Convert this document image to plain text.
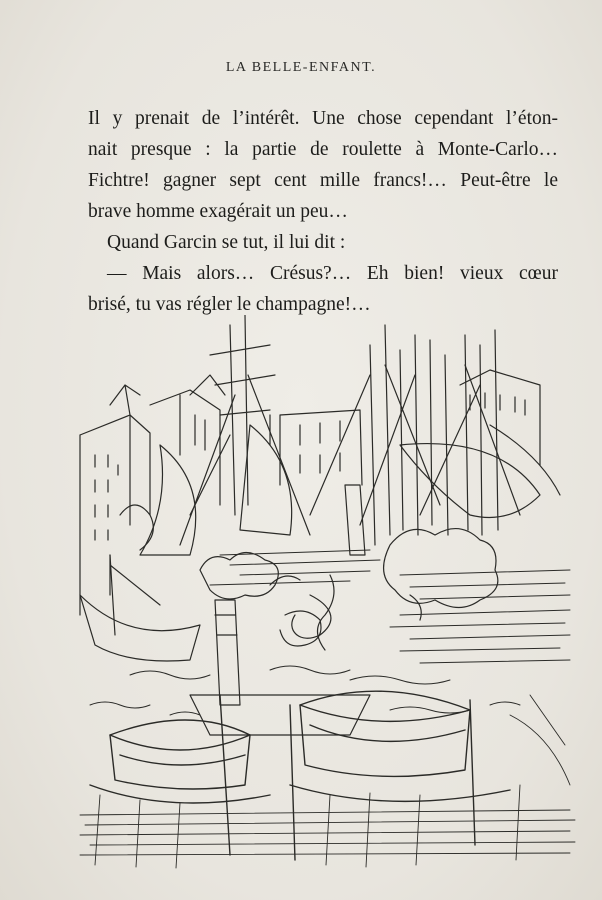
LA BELLE-ENFANT.
Il y prenait de l’intérêt. Une chose cependant l’éton-
nait presque : la partie de roulette à Monte-Carlo…
Fichtre! gagner sept cent mille francs!… Peut-être le
brave homme exagérait un peu…
Quand Garcin se tut, il lui dit :
— Mais alors… Crésus?… Eh bien! vieux cœur
brisé, tu vas régler le champagne!…
